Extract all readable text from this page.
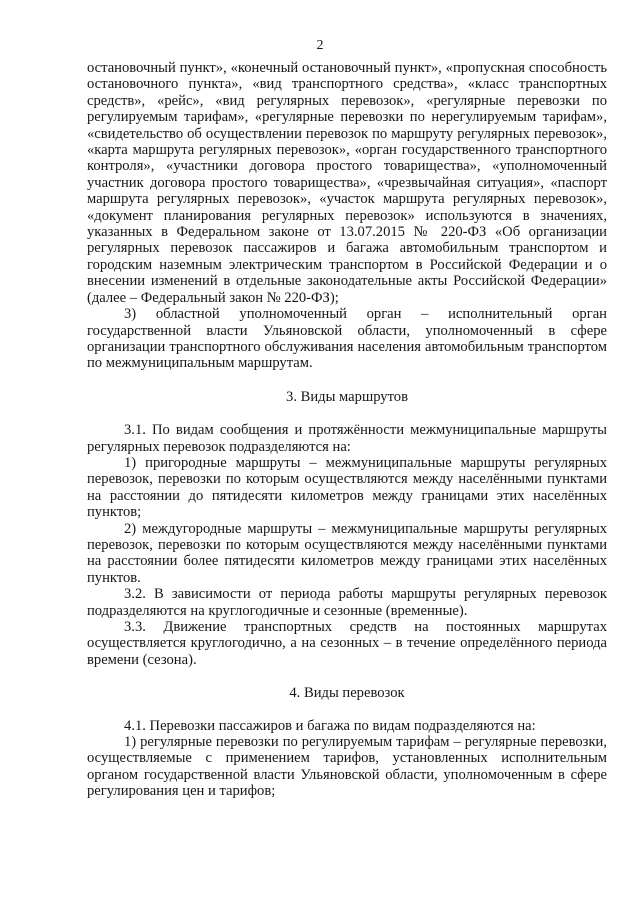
2

остановочный пункт», «конечный остановочный пункт», «пропускная способность остановочного пункта», «вид транспортного средства», «класс транспортных средств», «рейс», «вид регулярных перевозок», «регулярные перевозки по регулируемым тарифам», «регулярные перевозки по нерегулируемым тарифам», «свидетельство об осуществлении перевозок по маршруту регулярных перевозок», «карта маршрута регулярных перевозок», «орган государственного транспортного контроля», «участники договора простого товарищества», «уполномоченный участник договора простого товарищества», «чрезвычайная ситуация», «паспорт маршрута регулярных перевозок», «участок маршрута регулярных перевозок», «документ планирования регулярных перевозок» используются в значениях, указанных в Федеральном законе от 13.07.2015 № 220-ФЗ «Об организации регулярных перевозок пассажиров и багажа автомобильным транспортом и городским наземным электрическим транспортом в Российской Федерации и о внесении изменений в отдельные законодательные акты Российской Федерации» (далее – Федеральный закон № 220-ФЗ);

3) областной уполномоченный орган – исполнительный орган государственной власти Ульяновской области, уполномоченный в сфере организации транспортного обслуживания населения автомобильным транспортом по межмуниципальным маршрутам.

3. Виды маршрутов

3.1. По видам сообщения и протяжённости межмуниципальные маршруты регулярных перевозок подразделяются на:

1) пригородные маршруты – межмуниципальные маршруты регулярных перевозок, перевозки по которым осуществляются между населёнными пунктами на расстоянии до пятидесяти километров между границами этих населённых пунктов;

2) междугородные маршруты – межмуниципальные маршруты регулярных перевозок, перевозки по которым осуществляются между населёнными пунктами на расстоянии более пятидесяти километров между границами этих населённых пунктов.

3.2. В зависимости от периода работы маршруты регулярных перевозок подразделяются на круглогодичные и сезонные (временные).

3.3. Движение транспортных средств на постоянных маршрутах осуществляется круглогодично, а на сезонных – в течение определённого периода времени (сезона).

4. Виды перевозок

4.1. Перевозки пассажиров и багажа по видам подразделяются на:

1) регулярные перевозки по регулируемым тарифам – регулярные перевозки, осуществляемые с применением тарифов, установленных исполнительным органом государственной власти Ульяновской области, уполномоченным в сфере регулирования цен и тарифов;
